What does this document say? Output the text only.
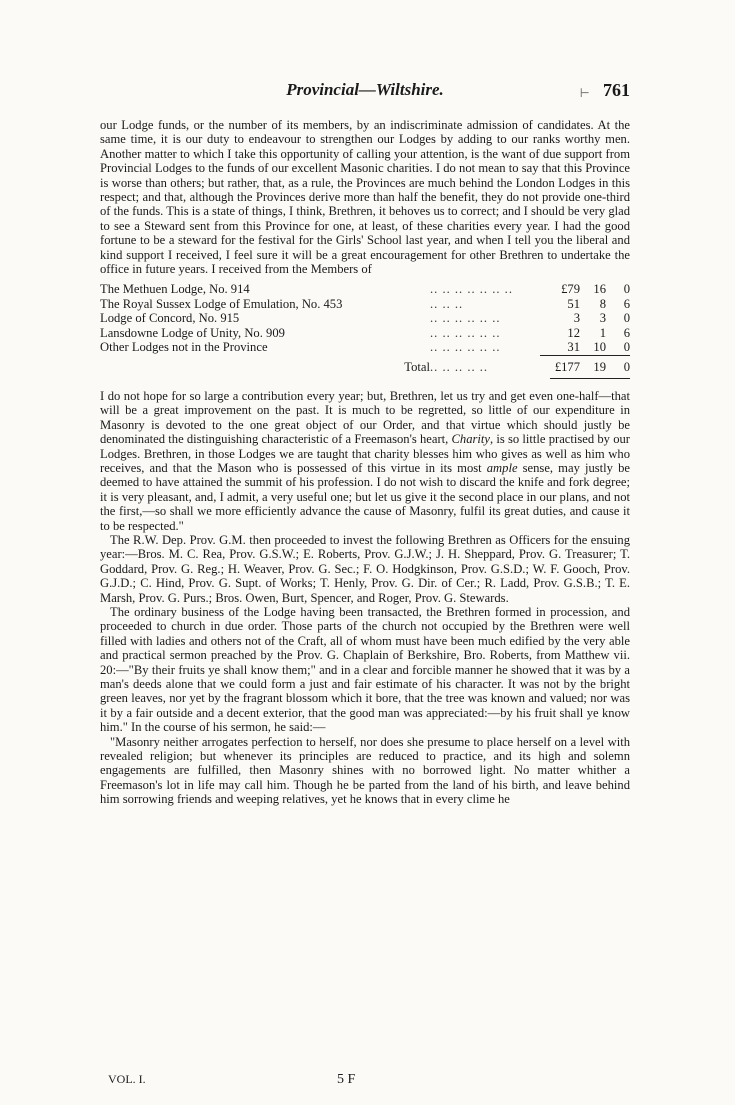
Provincial—Wiltshire.	⊢ 761

our Lodge funds, or the number of its members, by an indiscriminate admission of candidates. At the same time, it is our duty to endeavour to strengthen our Lodges by adding to our ranks worthy men. Another matter to which I take this opportunity of calling your attention, is the want of due support from Provincial Lodges to the funds of our excellent Masonic charities. I do not mean to say that this Province is worse than others; but rather, that, as a rule, the Provinces are much behind the London Lodges in this respect; and that, although the Provinces derive more than half the benefit, they do not provide one-third of the funds. This is a state of things, I think, Brethren, it behoves us to correct; and I should be very glad to see a Steward sent from this Province for one, at least, of these charities every year. I had the good fortune to be a steward for the festival for the Girls' School last year, and when I tell you the liberal and kind support I received, I feel sure it will be a great encouragement for other Brethren to undertake the office in future years. I received from the Members of

The Methuen Lodge, No. 914	.. .. .. .. .. .. ..		£79	16	0
The Royal Sussex Lodge of Emulation, No. 453	.. .. ..		51	8	6
Lodge of Concord, No. 915	.. .. .. .. .. ..		3	3	0
Lansdowne Lodge of Unity, No. 909	.. .. .. .. .. ..		12	1	6
Other Lodges not in the Province	.. .. .. .. .. ..		31	10	0

Total	.. .. .. .. ..		£177	19	0

I do not hope for so large a contribution every year; but, Brethren, let us try and get even one-half—that will be a great improvement on the past. It is much to be regretted, so little of our expenditure in Masonry is devoted to the one great object of our Order, and that virtue which should justly be denominated the distinguishing characteristic of a Freemason's heart, Charity, is so little practised by our Lodges. Brethren, in those Lodges we are taught that charity blesses him who gives as well as him who receives, and that the Mason who is possessed of this virtue in its most ample sense, may justly be deemed to have attained the summit of his profession. I do not wish to discard the knife and fork degree; it is very pleasant, and, I admit, a very useful one; but let us give it the second place in our plans, and not the first,—so shall we more efficiently advance the cause of Masonry, fulfil its great duties, and cause it to be respected."

The R.W. Dep. Prov. G.M. then proceeded to invest the following Brethren as Officers for the ensuing year:—Bros. M. C. Rea, Prov. G.S.W.; E. Roberts, Prov. G.J.W.; J. H. Sheppard, Prov. G. Treasurer; T. Goddard, Prov. G. Reg.; H. Weaver, Prov. G. Sec.; F. O. Hodgkinson, Prov. G.S.D.; W. F. Gooch, Prov. G.J.D.; C. Hind, Prov. G. Supt. of Works; T. Henly, Prov. G. Dir. of Cer.; R. Ladd, Prov. G.S.B.; T. E. Marsh, Prov. G. Purs.; Bros. Owen, Burt, Spencer, and Roger, Prov. G. Stewards.

The ordinary business of the Lodge having been transacted, the Brethren formed in procession, and proceeded to church in due order. Those parts of the church not occupied by the Brethren were well filled with ladies and others not of the Craft, all of whom must have been much edified by the very able and practical sermon preached by the Prov. G. Chaplain of Berkshire, Bro. Roberts, from Matthew vii. 20:—"By their fruits ye shall know them;" and in a clear and forcible manner he showed that it was by a man's deeds alone that we could form a just and fair estimate of his character. It was not by the bright green leaves, nor yet by the fragrant blossom which it bore, that the tree was known and valued; nor was it by a fair outside and a decent exterior, that the good man was appreciated:—by his fruit shall ye know him." In the course of his sermon, he said:—

"Masonry neither arrogates perfection to herself, nor does she presume to place herself on a level with revealed religion; but whenever its principles are reduced to practice, and its high and solemn engagements are fulfilled, then Masonry shines with no borrowed light. No matter whither a Freemason's lot in life may call him. Though he be parted from the land of his birth, and leave behind him sorrowing friends and weeping relatives, yet he knows that in every clime he

VOL. I.	5 F
